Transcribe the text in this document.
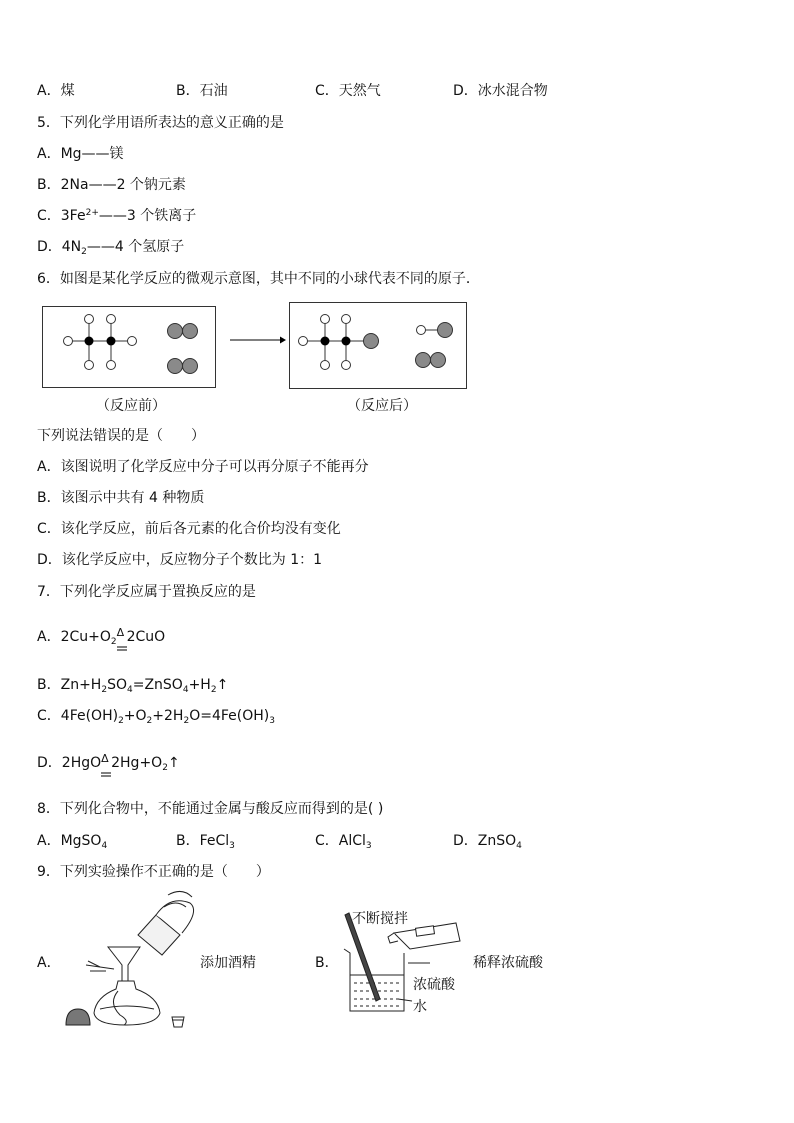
A．煤	B．石油	C．天然气	D．冰水混合物
5．下列化学用语所表达的意义正确的是
A．Mg——镁
B．2Na——2 个钠元素
C．$3Fe^{2+}——3$ 个铁离子
D．$4N_2——4$ 个氢原子
6．如图是某化学反应的微观示意图，其中不同的小球代表不同的原子．
（反应前）	（反应后）
下列说法错误的是（　　）
A．该图说明了化学反应中分子可以再分原子不能再分
B．该图示中共有 4 种物质
C．该化学反应，前后各元素的化合价均没有变化
D．该化学反应中，反应物分子个数比为 1：1
7．下列化学反应属于置换反应的是
A．$2Cu+O_2$
Δ 2CuO
B．$Zn+H_2SO_4=ZnSO_4+H_2↑$
C．$4Fe(OH)_2+O_2+2H_2O=4Fe(OH)_3$
D．2HgO Δ $2Hg+O_2↑$
8．下列化合物中，不能通过金属与酸反应而得到的是( )
A．MgSO$_4$	B．FeCl$_3$	C．AlCl$_3$	D．ZnSO$_4$
9．下列实验操作不正确的是（　　）
A．	添加酒精	B．
不断搅拌
浓硫酸
水
稀释浓硫酸
